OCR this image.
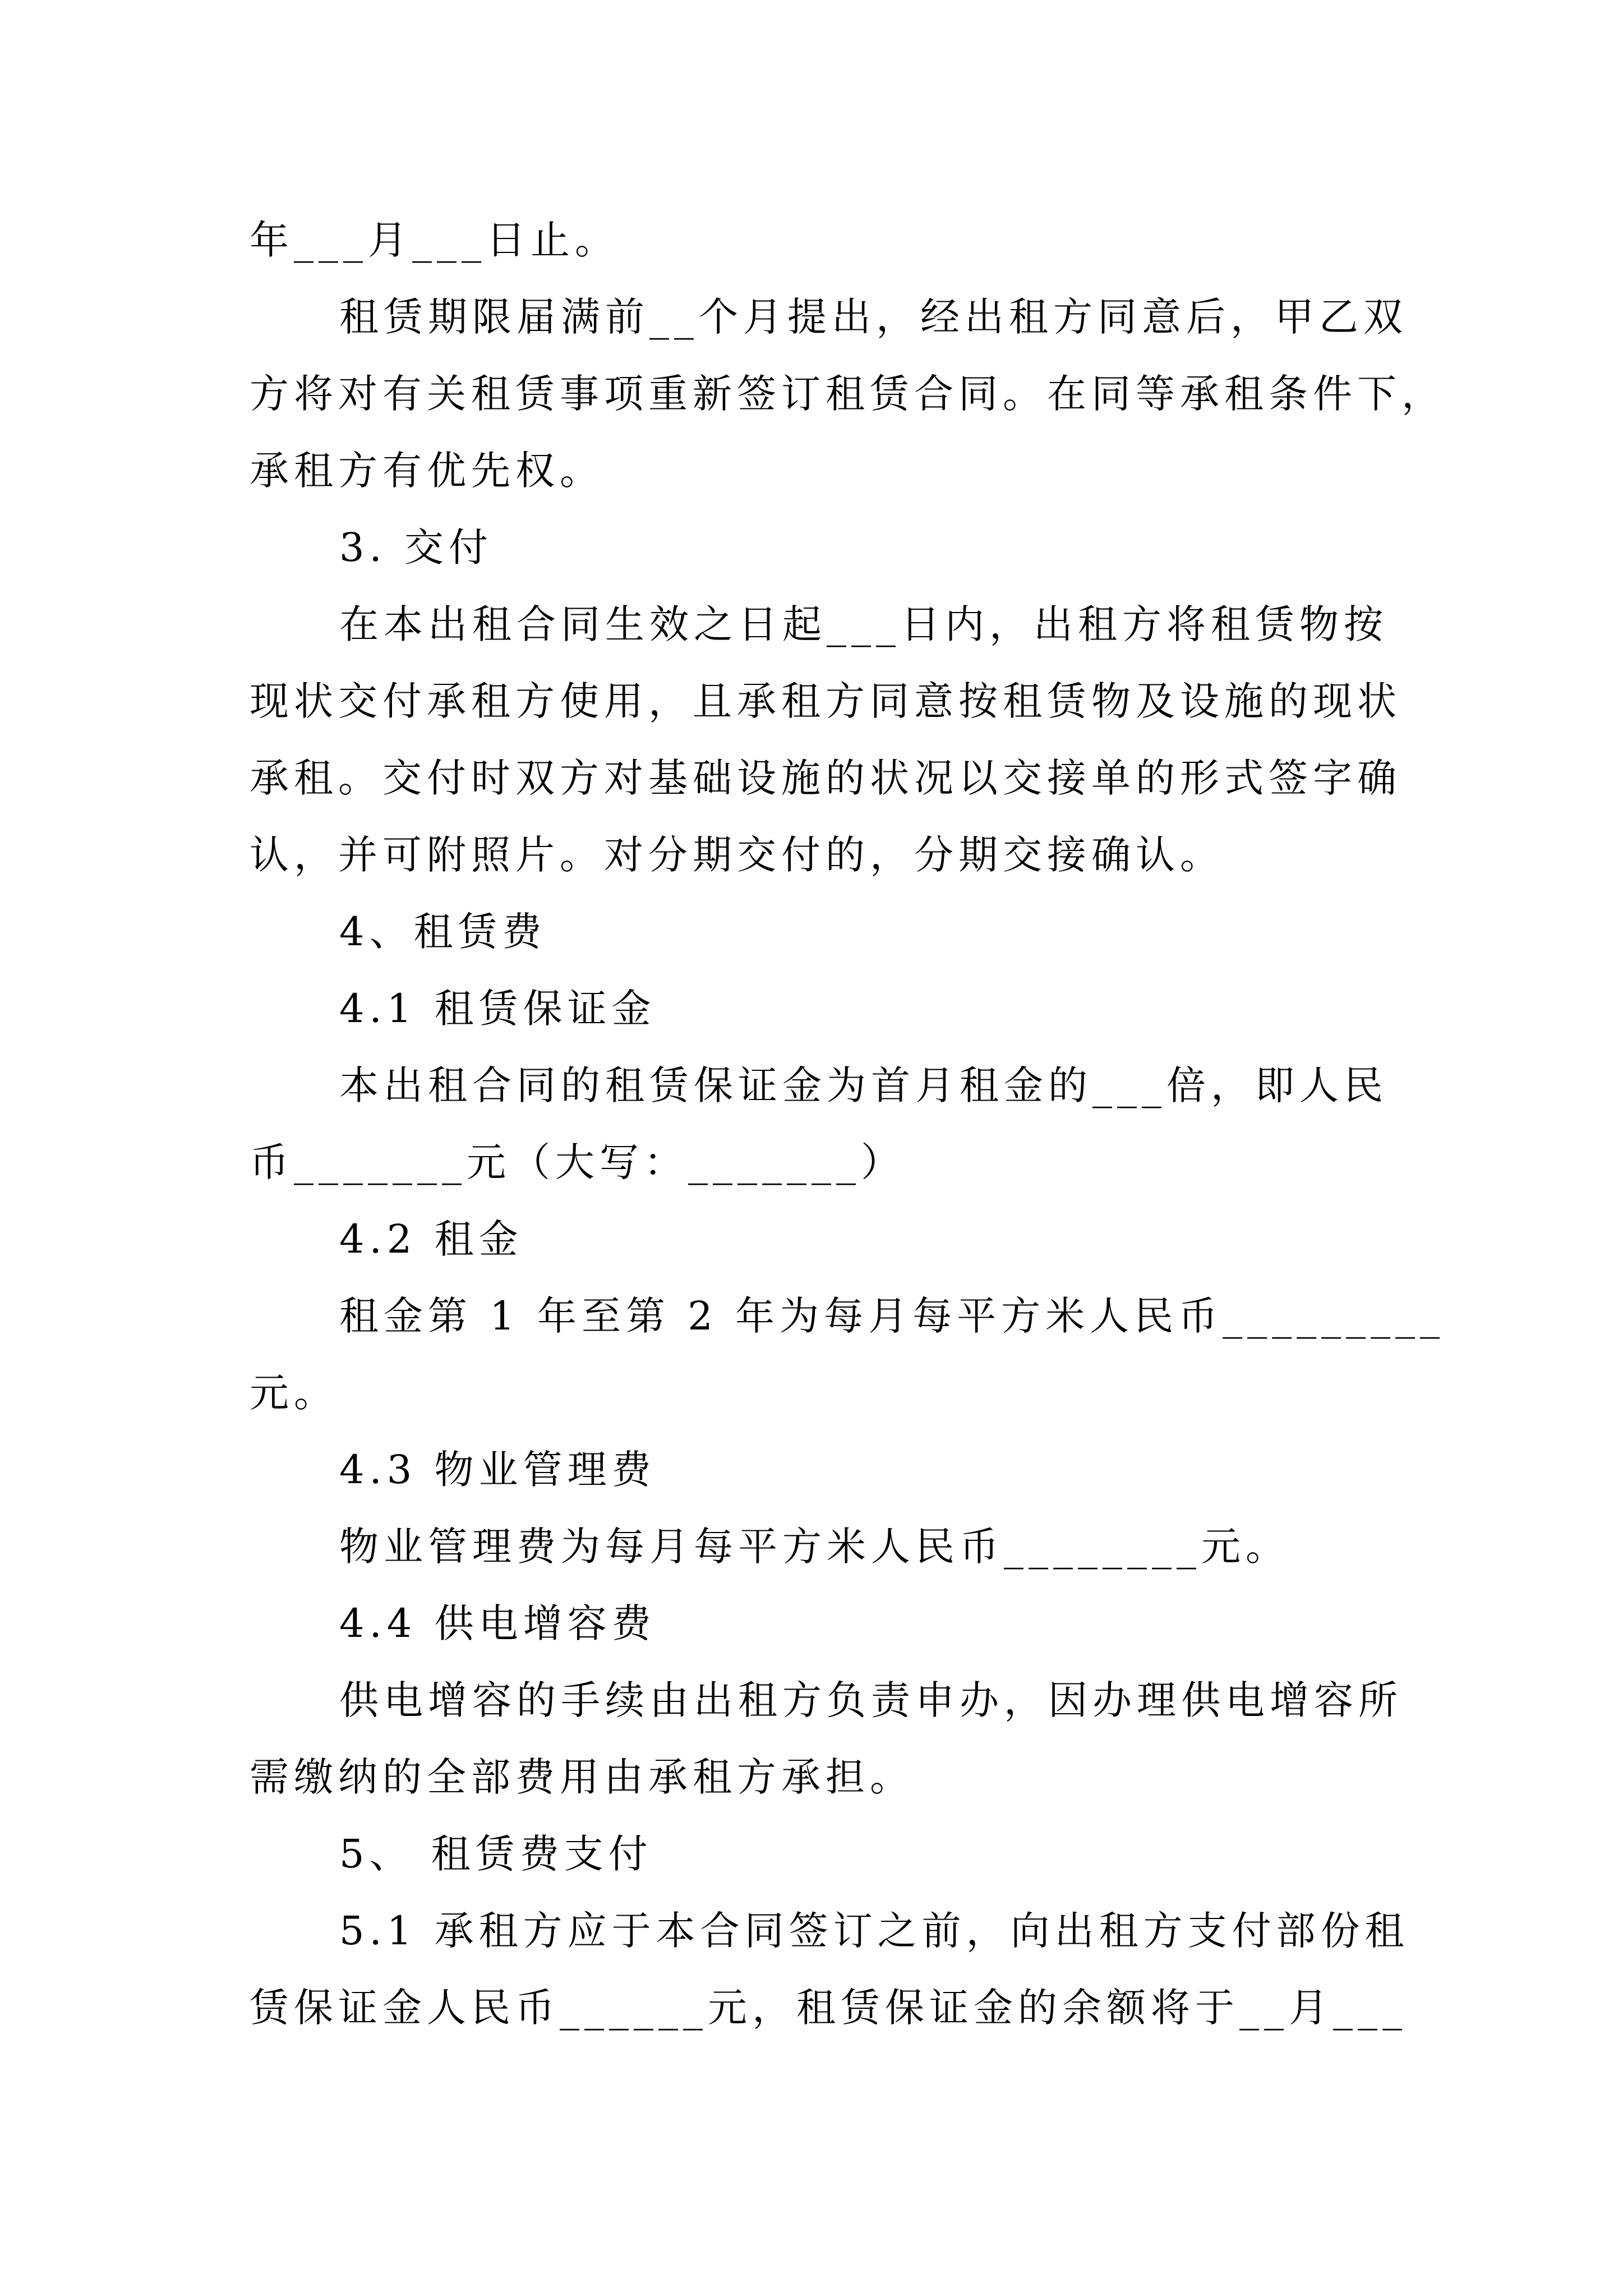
年___月___日止。
租赁期限届满前__个月提出，经出租方同意后，甲乙双
方将对有关租赁事项重新签订租赁合同。在同等承租条件下，
承租方有优先权。
3. 交付
在本出租合同生效之日起___日内，出租方将租赁物按
现状交付承租方使用，且承租方同意按租赁物及设施的现状
承租。交付时双方对基础设施的状况以交接单的形式签字确
认，并可附照片。对分期交付的，分期交接确认。
4、租赁费
4.1 租赁保证金
本出租合同的租赁保证金为首月租金的___倍，即人民
币_______元（大写：_______）
4.2 租金
租金第 1 年至第 2 年为每月每平方米人民币_________
元。
4.3 物业管理费
物业管理费为每月每平方米人民币________元。
4.4 供电增容费
供电增容的手续由出租方负责申办，因办理供电增容所
需缴纳的全部费用由承租方承担。
5、 租赁费支付
5.1 承租方应于本合同签订之前，向出租方支付部份租
赁保证金人民币______元，租赁保证金的余额将于__月___
